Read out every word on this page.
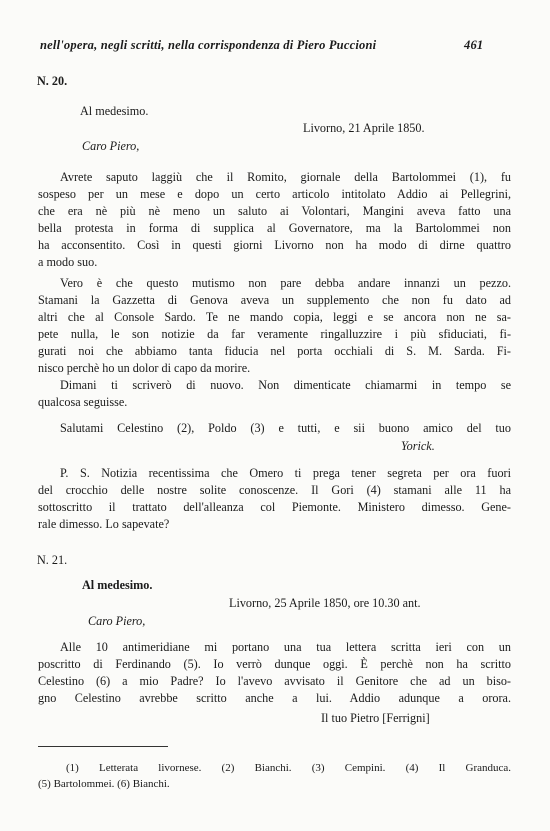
nell'opera, negli scritti, nella corrispondenza di Piero Puccioni	461
N. 20.
Al medesimo.
Livorno, 21 Aprile 1850.
Caro Piero,
Avrete saputo laggiù che il Romito, giornale della Bartolommei (1), fu
sospeso per un mese e dopo un certo articolo intitolato Addio ai Pellegrini,
che era nè più nè meno un saluto ai Volontari, Mangini aveva fatto una
bella protesta in forma di supplica al Governatore, ma la Bartolommei non
ha acconsentito. Così in questi giorni Livorno non ha modo di dirne quattro
a modo suo.
Vero è che questo mutismo non pare debba andare innanzi un pezzo.
Stamani la Gazzetta di Genova aveva un supplemento che non fu dato ad
altri che al Console Sardo. Te ne mando copia, leggi e se ancora non ne sa-
pete nulla, le son notizie da far veramente ringalluzzire i più sfiduciati, fi-
gurati noi che abbiamo tanta fiducia nel porta occhiali di S. M. Sarda. Fi-
nisco perchè ho un dolor di capo da morire.
Dimani ti scriverò di nuovo. Non dimenticate chiamarmi in tempo se
qualcosa seguisse.
Salutami Celestino (2), Poldo (3) e tutti, e sii buono amico del tuo
Yorick.
P. S. Notizia recentissima che Omero ti prega tener segreta per ora fuori
del crocchio delle nostre solite conoscenze. Il Gori (4) stamani alle 11 ha
sottoscritto il trattato dell'alleanza col Piemonte. Ministero dimesso. Gene-
rale dimesso. Lo sapevate?
N. 21.
Al medesimo.
Livorno, 25 Aprile 1850, ore 10.30 ant.
Caro Piero,
Alle 10 antimeridiane mi portano una tua lettera scritta ieri con un
poscritto di Ferdinando (5). Io verrò dunque oggi. È perchè non ha scritto
Celestino (6) a mio Padre? Io l'avevo avvisato il Genitore che ad un biso-
gno Celestino avrebbe scritto anche a lui. Addio adunque a orora.
Il tuo Pietro [Ferrigni]
(1) Letterata livornese. (2) Bianchi. (3) Cempini. (4) Il Granduca.
(5) Bartolommei. (6) Bianchi.
